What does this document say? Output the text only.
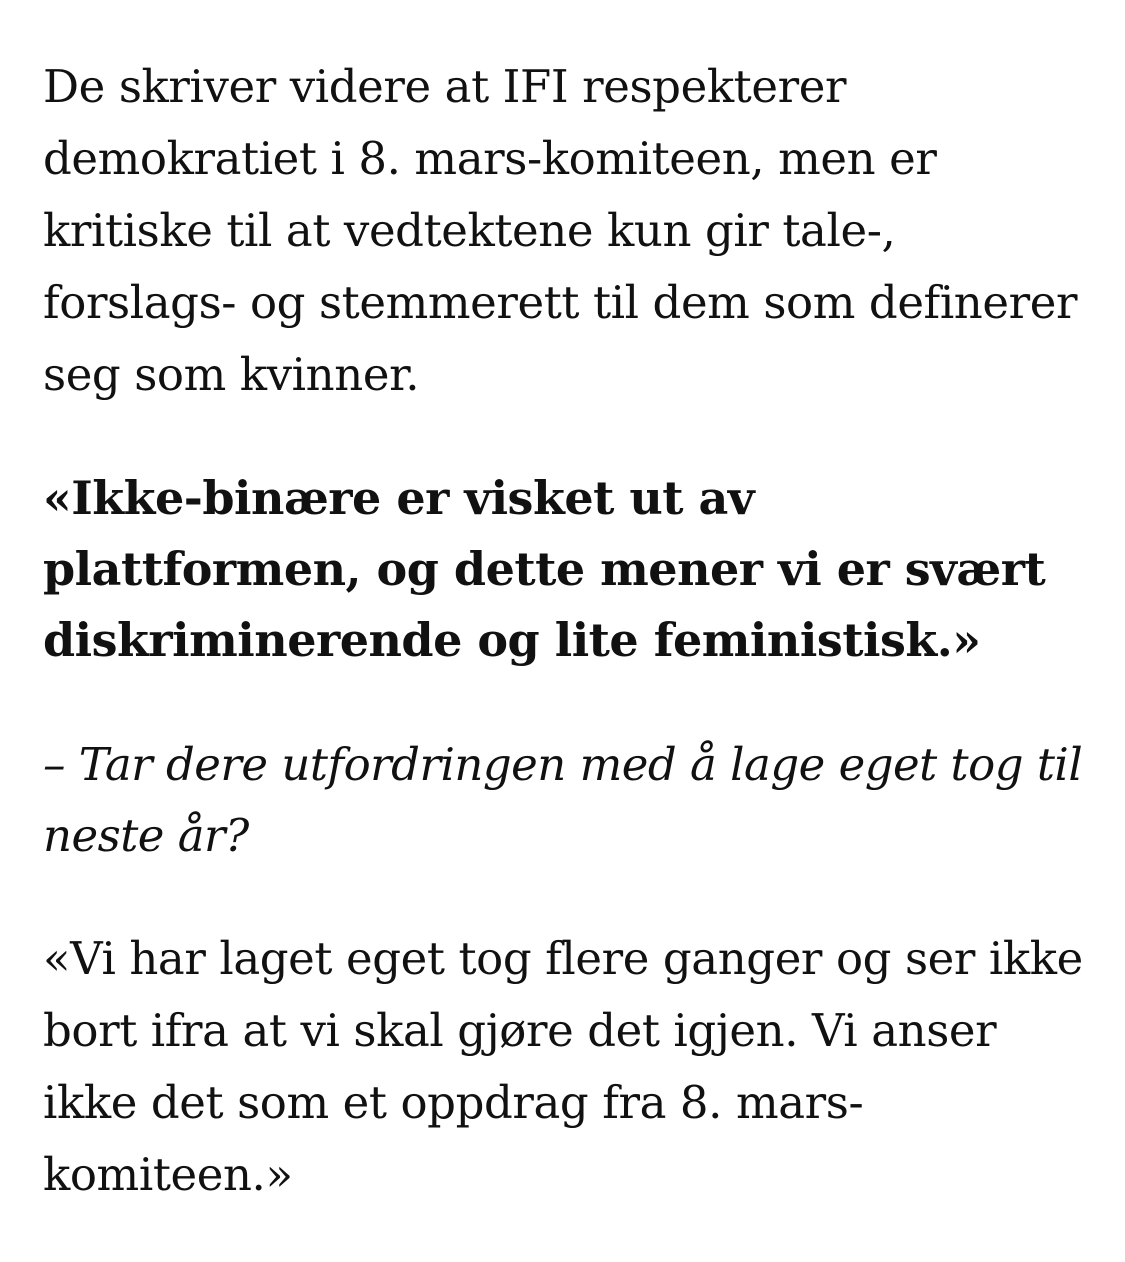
De skriver videre at IFI respekterer demokratiet i 8. mars-komiteen, men er kritiske til at vedtektene kun gir tale-, forslags- og stemmerett til dem som definerer seg som kvinner.

«Ikke-binære er visket ut av plattformen, og dette mener vi er svært diskriminerende og lite feministisk.»

– Tar dere utfordringen med å lage eget tog til neste år?

«Vi har laget eget tog flere ganger og ser ikke bort ifra at vi skal gjøre det igjen. Vi anser ikke det som et oppdrag fra 8. mars-komiteen.»
